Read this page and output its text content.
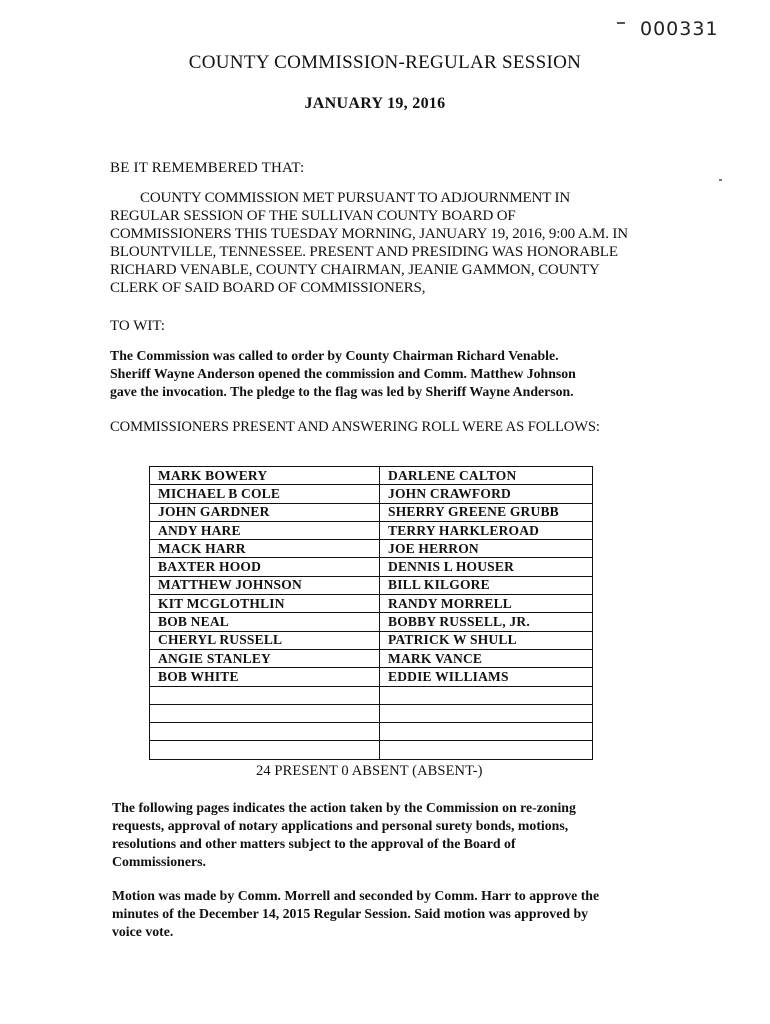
000331
COUNTY COMMISSION-REGULAR SESSION
JANUARY 19, 2016
BE IT REMEMBERED THAT:
COUNTY COMMISSION MET PURSUANT TO ADJOURNMENT IN
REGULAR SESSION OF THE SULLIVAN COUNTY BOARD OF
COMMISSIONERS THIS TUESDAY MORNING, JANUARY 19, 2016, 9:00 A.M. IN
BLOUNTVILLE, TENNESSEE. PRESENT AND PRESIDING WAS HONORABLE
RICHARD VENABLE, COUNTY CHAIRMAN, JEANIE GAMMON, COUNTY
CLERK OF SAID BOARD OF COMMISSIONERS,
TO WIT:
The Commission was called to order by County Chairman Richard Venable.
Sheriff Wayne Anderson opened the commission and Comm. Matthew Johnson
gave the invocation. The pledge to the flag was led by Sheriff Wayne Anderson.
COMMISSIONERS PRESENT AND ANSWERING ROLL WERE AS FOLLOWS:
MARK BOWERY	DARLENE CALTON
MICHAEL B COLE	JOHN CRAWFORD
JOHN GARDNER	SHERRY GREENE GRUBB
ANDY HARE	TERRY HARKLEROAD
MACK HARR	JOE HERRON
BAXTER HOOD	DENNIS L HOUSER
MATTHEW JOHNSON	BILL KILGORE
KIT MCGLOTHLIN	RANDY MORRELL
BOB NEAL	BOBBY RUSSELL, JR.
CHERYL RUSSELL	PATRICK W SHULL
ANGIE STANLEY	MARK VANCE
BOB WHITE	EDDIE WILLIAMS

24 PRESENT 0 ABSENT (ABSENT-)
The following pages indicates the action taken by the Commission on re-zoning
requests, approval of notary applications and personal surety bonds, motions,
resolutions and other matters subject to the approval of the Board of
Commissioners.
Motion was made by Comm. Morrell and seconded by Comm. Harr to approve the
minutes of the December 14, 2015 Regular Session. Said motion was approved by
voice vote.
